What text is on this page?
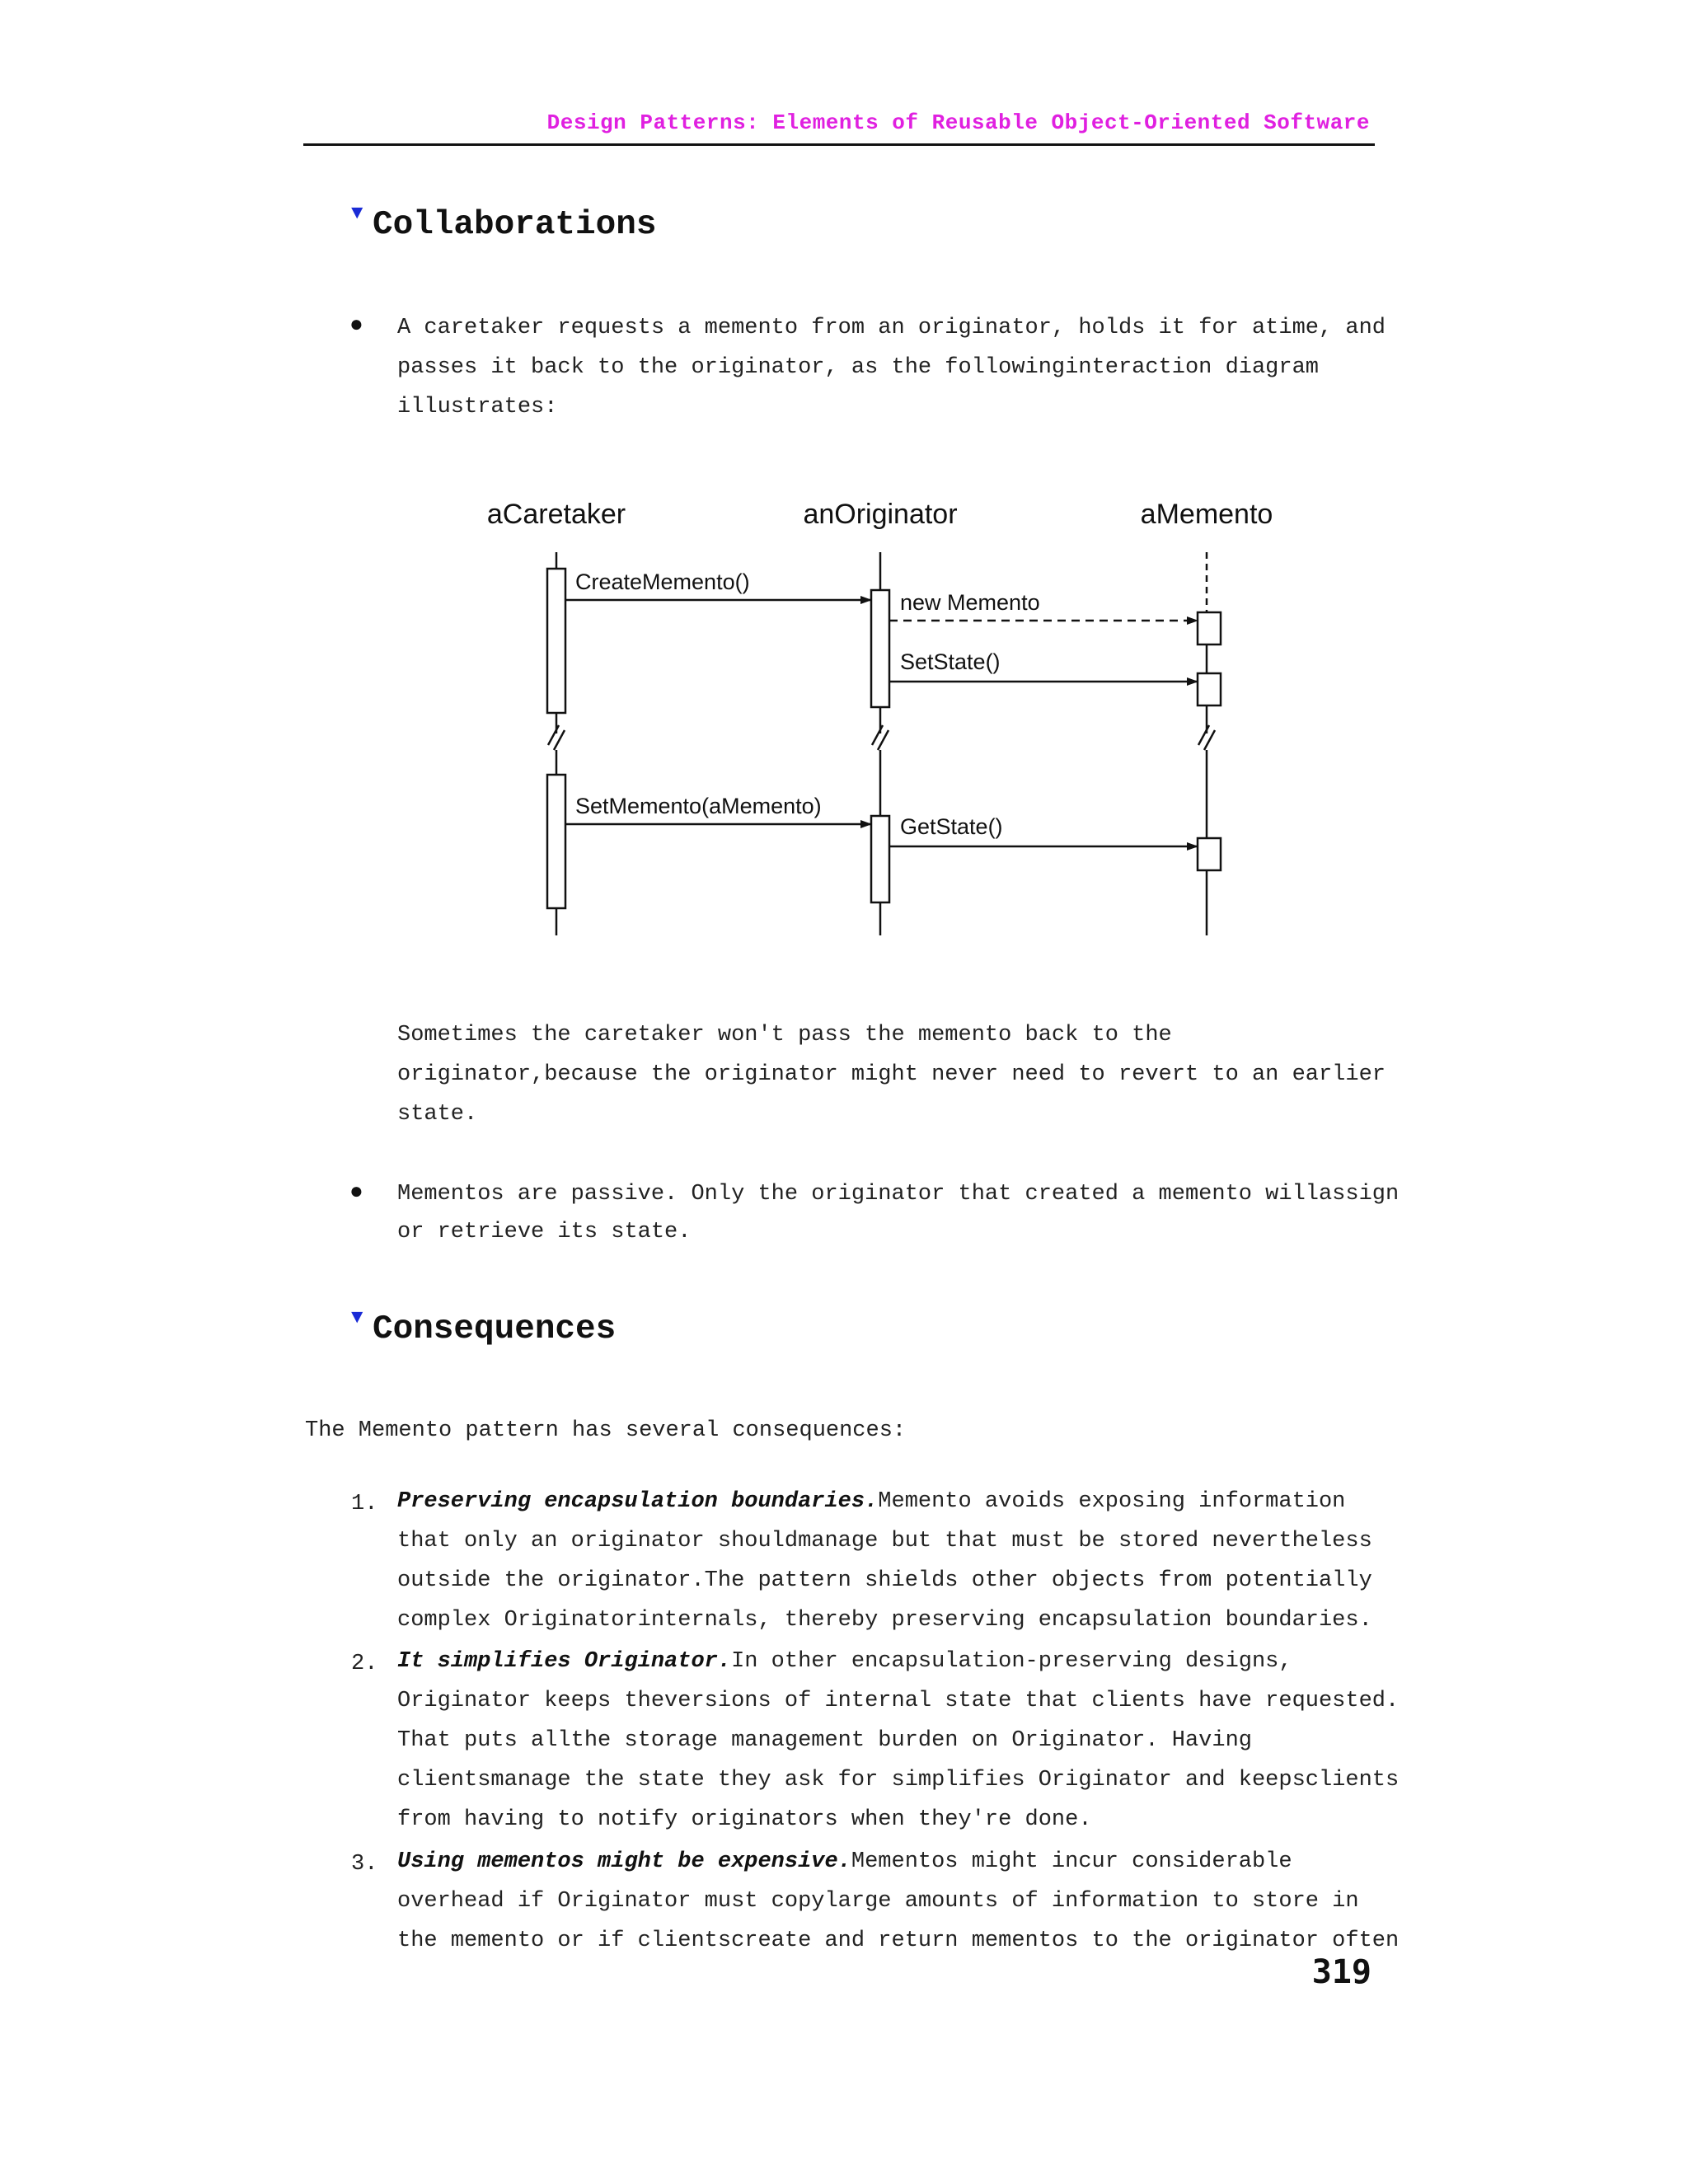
Design Patterns: Elements of Reusable Object-Oriented Software
▼ Collaborations
● A caretaker requests a memento from an originator, holds it for atime, and
passes it back to the originator, as the followinginteraction diagram
illustrates:
aCaretaker	anOriginator	aMemento
CreateMemento()
new Memento
SetState()
SetMemento(aMemento)
GetState()
Sometimes the caretaker won't pass the memento back to the
originator,because the originator might never need to revert to an earlier
state.
● Mementos are passive. Only the originator that created a memento willassign
or retrieve its state.
▼ Consequences
The Memento pattern has several consequences:
1. Preserving encapsulation boundaries.Memento avoids exposing information
that only an originator shouldmanage but that must be stored nevertheless
outside the originator.The pattern shields other objects from potentially
complex Originatorinternals, thereby preserving encapsulation boundaries.
2. It simplifies Originator.In other encapsulation-preserving designs,
Originator keeps theversions of internal state that clients have requested.
That puts allthe storage management burden on Originator. Having
clientsmanage the state they ask for simplifies Originator and keepsclients
from having to notify originators when they're done.
3. Using mementos might be expensive.Mementos might incur considerable
overhead if Originator must copylarge amounts of information to store in
the memento or if clientscreate and return mementos to the originator often
319
